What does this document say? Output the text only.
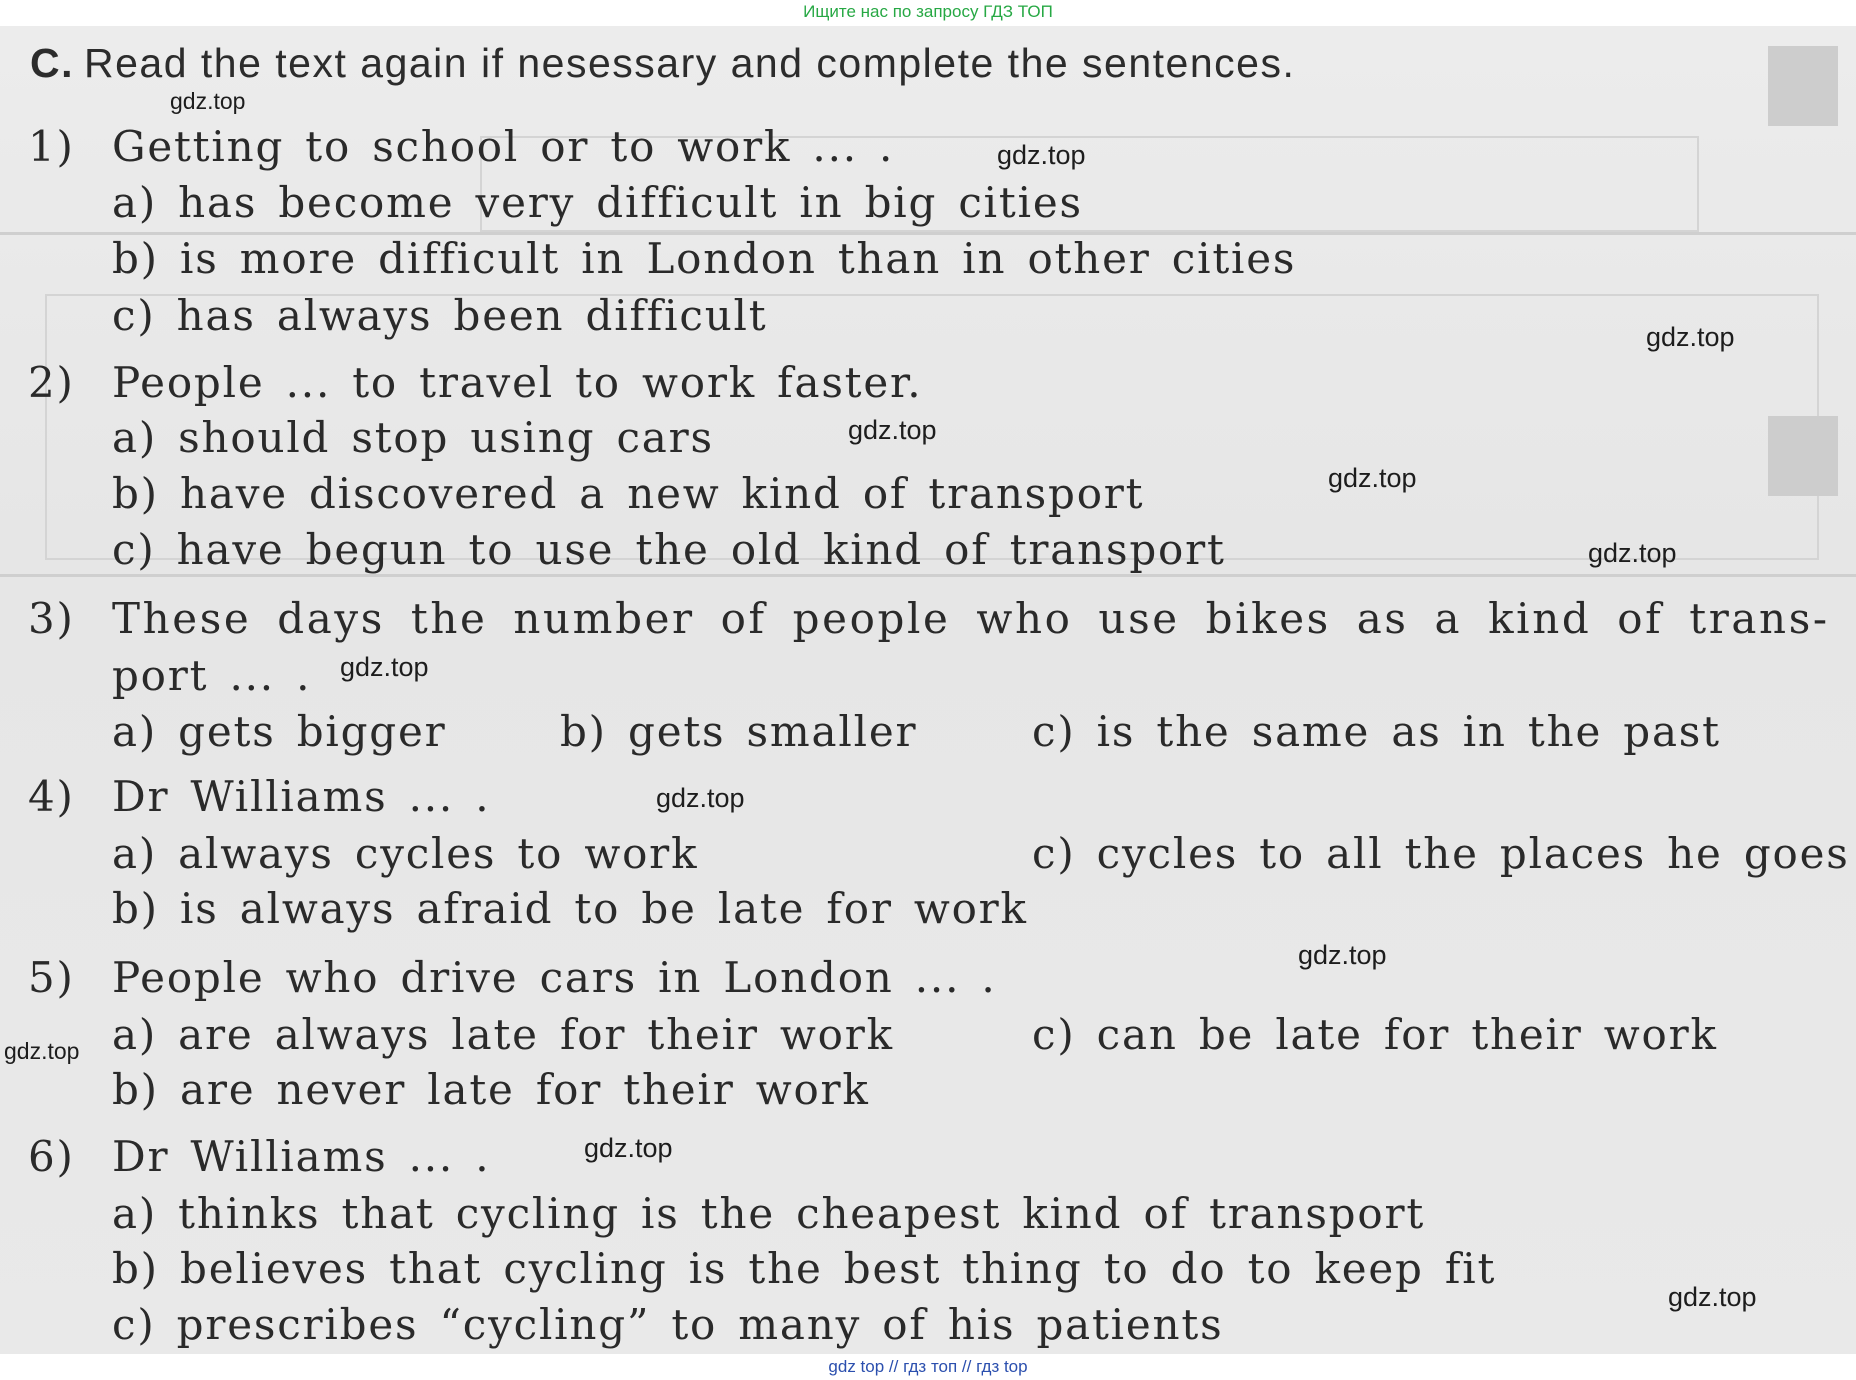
Ищите нас по запросу ГДЗ ТОП
C. Read the text again if nesessary and complete the sentences.
1) Getting to school or to work ... .
a) has become very difficult in big cities
b) is more difficult in London than in other cities
c) has always been difficult
2) People ... to travel to work faster.
a) should stop using cars
b) have discovered a new kind of transport
c) have begun to use the old kind of transport
3) These days the number of people who use bikes as a kind of trans-
port ... .
a) gets bigger	b) gets smaller	c) is the same as in the past
4) Dr Williams ... .
a) always cycles to work	c) cycles to all the places he goes
b) is always afraid to be late for work
5) People who drive cars in London ... .
a) are always late for their work	c) can be late for their work
b) are never late for their work
6) Dr Williams ... .
a) thinks that cycling is the cheapest kind of transport
b) believes that cycling is the best thing to do to keep fit
c) prescribes “cycling” to many of his patients
gdz.top
gdz.top
gdz.top
gdz.top
gdz.top
gdz.top
gdz.top
gdz.top
gdz.top
gdz.top
gdz.top
gdz.top
gdz top // гдз топ // гдз top
